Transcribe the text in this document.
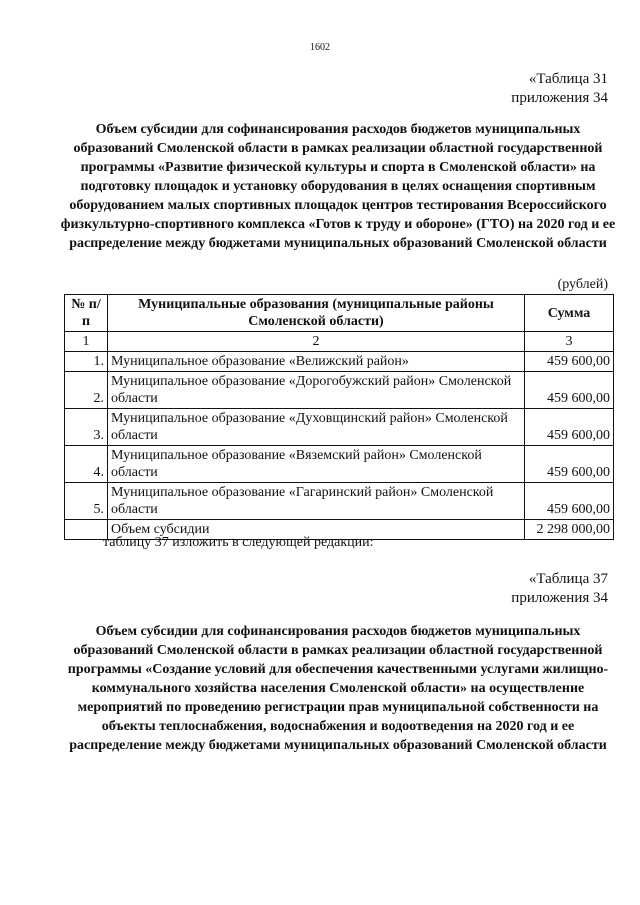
1602
«Таблица 31
приложения 34
Объем субсидии для софинансирования расходов бюджетов муниципальных образований Смоленской области в рамках реализации областной государственной программы «Развитие физической культуры и спорта в Смоленской области» на подготовку площадок и установку оборудования в целях оснащения спортивным оборудованием малых спортивных площадок центров тестирования Всероссийского физкультурно-спортивного комплекса «Готов к труду и обороне» (ГТО) на 2020 год и ее распределение между бюджетами муниципальных образований Смоленской области
(рублей)
№ п/п	Муниципальные образования (муниципальные районы Смоленской области)	Сумма
1	2	3
1.	Муниципальное образование «Велижский район»	459 600,00
2.	Муниципальное образование «Дорогобужский район» Смоленской области	459 600,00
3.	Муниципальное образование «Духовщинский район» Смоленской области	459 600,00
4.	Муниципальное образование «Вяземский район» Смоленской области	459 600,00
5.	Муниципальное образование «Гагаринский район» Смоленской области	459 600,00
	Объем субсидии	2 298 000,00
таблицу 37 изложить в следующей редакции:
«Таблица 37
приложения 34
Объем субсидии для софинансирования расходов бюджетов муниципальных образований Смоленской области в рамках реализации областной государственной программы «Создание условий для обеспечения качественными услугами жилищно-коммунального хозяйства населения Смоленской области» на осуществление мероприятий по проведению регистрации прав муниципальной собственности на объекты теплоснабжения, водоснабжения и водоотведения на 2020 год и ее распределение между бюджетами муниципальных образований Смоленской области
